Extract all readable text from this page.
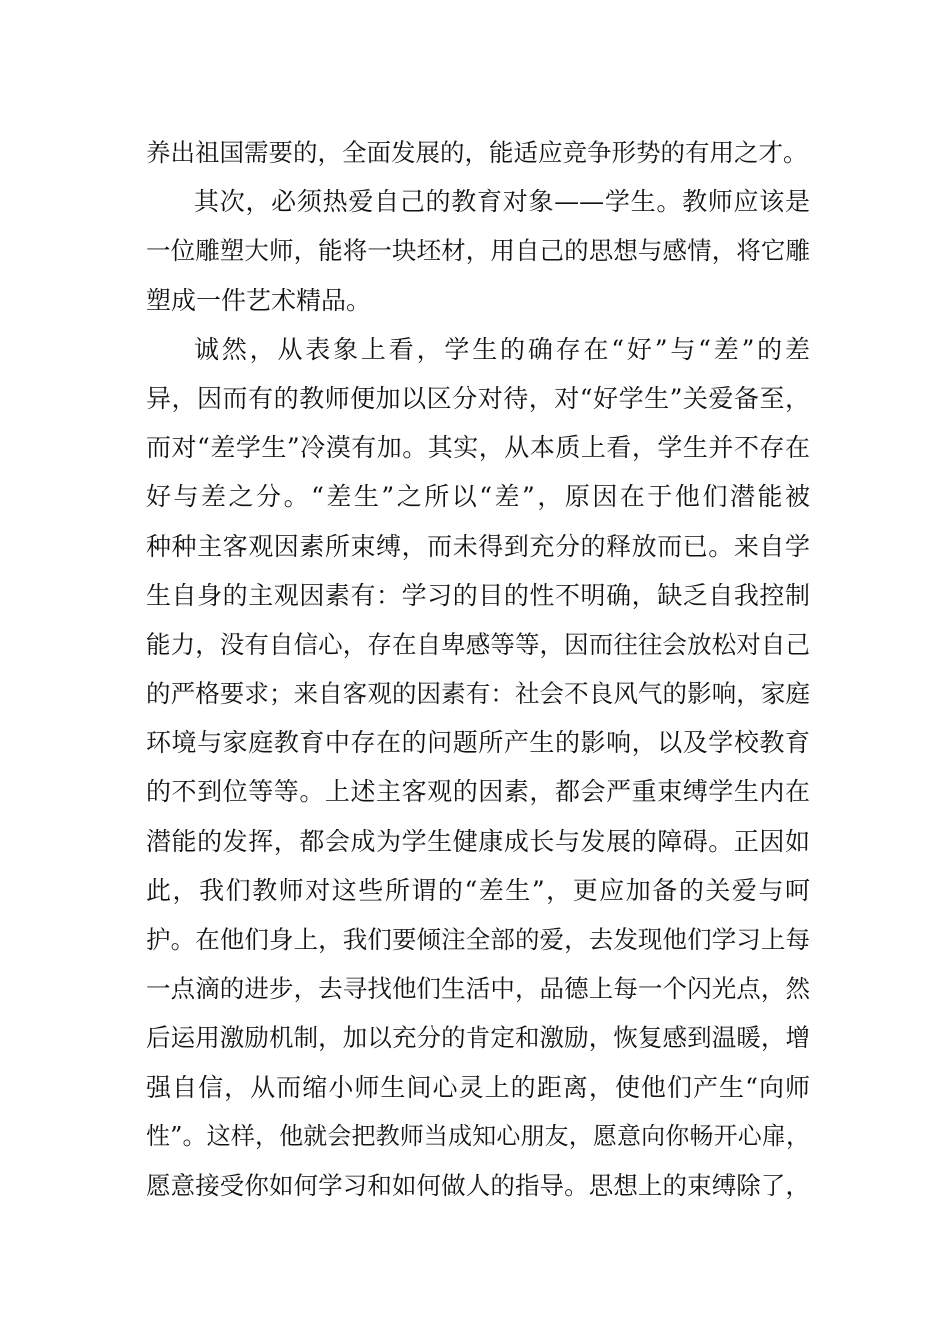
养出祖国需要的，全面发展的，能适应竞争形势的有用之才。
其次，必须热爱自己的教育对象——学生。教师应该是
一位雕塑大师，能将一块坯材，用自己的思想与感情，将它雕
塑成一件艺术精品。
诚然，从表象上看，学生的确存在“好”与“差”的差
异，因而有的教师便加以区分对待，对“好学生”关爱备至，
而对“差学生”冷漠有加。其实，从本质上看，学生并不存在
好与差之分。“差生”之所以“差”，原因在于他们潜能被
种种主客观因素所束缚，而未得到充分的释放而已。来自学
生自身的主观因素有：学习的目的性不明确，缺乏自我控制
能力，没有自信心，存在自卑感等等，因而往往会放松对自己
的严格要求；来自客观的因素有：社会不良风气的影响，家庭
环境与家庭教育中存在的问题所产生的影响，以及学校教育
的不到位等等。上述主客观的因素，都会严重束缚学生内在
潜能的发挥，都会成为学生健康成长与发展的障碍。正因如
此，我们教师对这些所谓的“差生”，更应加备的关爱与呵
护。在他们身上，我们要倾注全部的爱，去发现他们学习上每
一点滴的进步，去寻找他们生活中，品德上每一个闪光点，然
后运用激励机制，加以充分的肯定和激励，恢复感到温暖，增
强自信，从而缩小师生间心灵上的距离，使他们产生“向师
性”。这样，他就会把教师当成知心朋友，愿意向你畅开心扉，
愿意接受你如何学习和如何做人的指导。思想上的束缚除了，
